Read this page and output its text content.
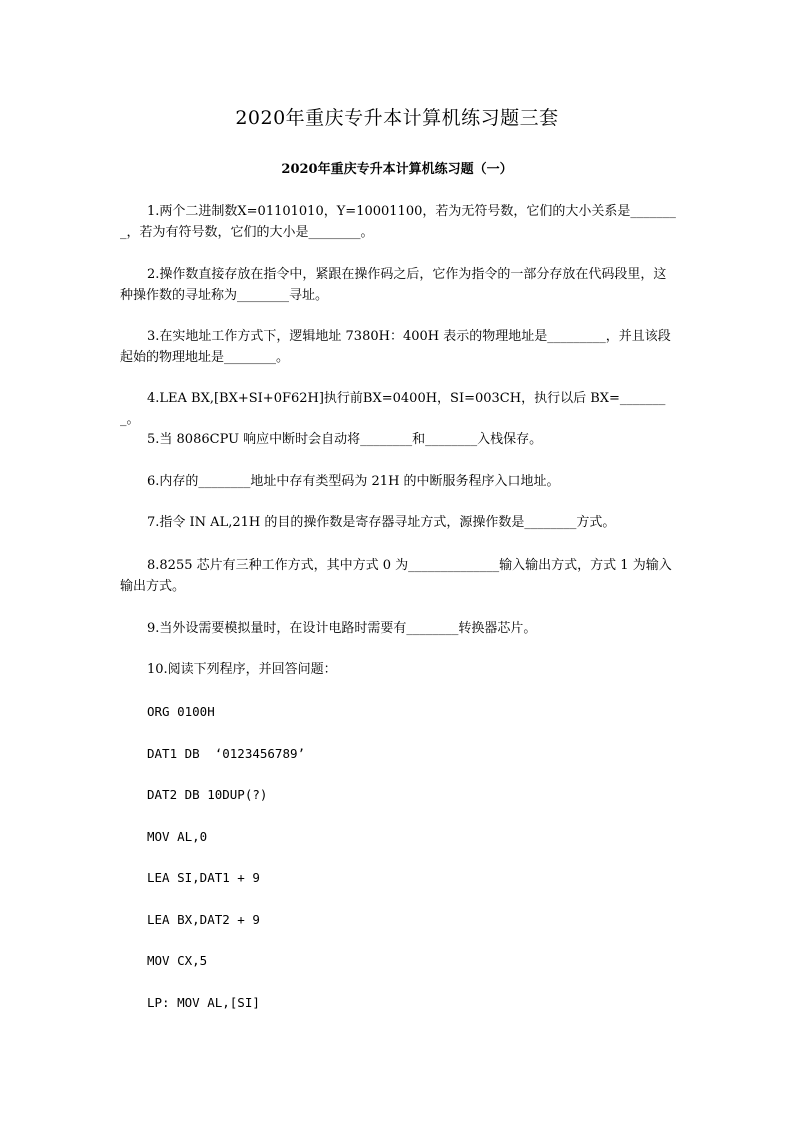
2020年重庆专升本计算机练习题三套
2020年重庆专升本计算机练习题（一）

1.两个二进制数X=01101010，Y=10001100，若为无符号数，它们的大小关系是________，若为有符号数，它们的大小是________。

2.操作数直接存放在指令中，紧跟在操作码之后，它作为指令的一部分存放在代码段里，这种操作数的寻址称为________寻址。

3.在实地址工作方式下，逻辑地址 7380H：400H 表示的物理地址是_________，并且该段起始的物理地址是________。

4.LEA BX,[BX+SI+0F62H]执行前BX=0400H，SI=003CH，执行以后 BX=________。

5.当 8086CPU 响应中断时会自动将________和________入栈保存。

6.内存的________地址中存有类型码为 21H 的中断服务程序入口地址。

7.指令 IN AL,21H 的目的操作数是寄存器寻址方式，源操作数是________方式。

8.8255 芯片有三种工作方式，其中方式 0 为______________输入输出方式，方式 1 为输入输出方式。

9.当外设需要模拟量时，在设计电路时需要有________转换器芯片。

10.阅读下列程序，并回答问题：

ORG 0100H

DAT1 DB  ‘0123456789’

DAT2 DB 10DUP(?)

MOV AL,0

LEA SI,DAT1 + 9

LEA BX,DAT2 + 9

MOV CX,5

LP: MOV AL,[SI]
